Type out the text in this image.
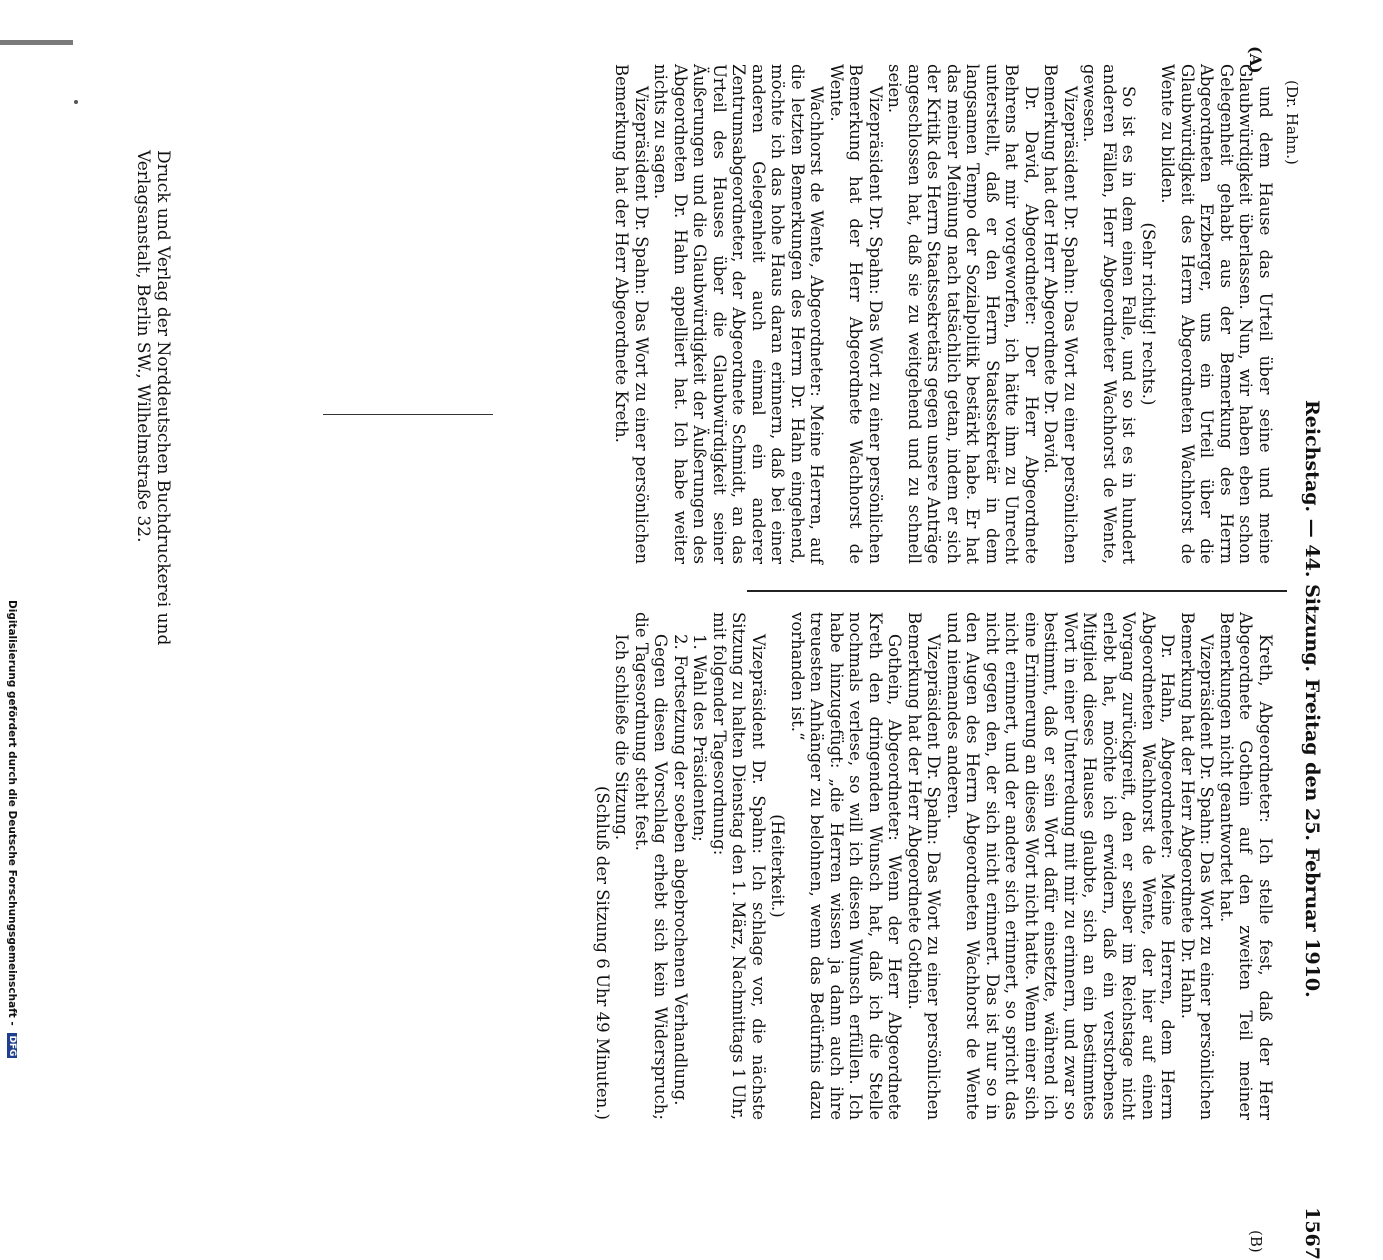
(Dr. Hahn.)
Reichstag. — 44. Sitzung. Freitag den 25. Februar 1910.
1567
(A)
(B)

und dem Hause das Urteil über seine und meine Glaubwürdigkeit überlassen. Nun, wir haben eben schon Gelegenheit gehabt aus der Bemerkung des Herrn Abgeordneten Erzberger, uns ein Urteil über die Glaubwürdigkeit des Herrn Abgeordneten Wachhorst de Wente zu bilden.

(Sehr richtig! rechts.)

So ist es in dem einen Falle, und so ist es in hundert anderen Fällen, Herr Abgeordneter Wachhorst de Wente, gewesen.

Vizepräsident Dr. Spahn: Das Wort zu einer persönlichen Bemerkung hat der Herr Abgeordnete Dr. David.

Dr. David, Abgeordneter: Der Herr Abgeordnete Behrens hat mir vorgeworfen, ich hätte ihm zu Unrecht unterstellt, daß er den Herrn Staatssekretär in dem langsamen Tempo der Sozialpolitik bestärkt habe. Er hat das meiner Meinung nach tatsächlich getan, indem er sich der Kritik des Herrn Staatssekretärs gegen unsere Anträge angeschlossen hat, daß sie zu weitgehend und zu schnell seien.

Vizepräsident Dr. Spahn: Das Wort zu einer persönlichen Bemerkung hat der Herr Abgeordnete Wachhorst de Wente.

Wachhorst de Wente, Abgeordneter: Meine Herren, auf die letzten Bemerkungen des Herrn Dr. Hahn eingehend, möchte ich das hohe Haus daran erinnern, daß bei einer anderen Gelegenheit auch einmal ein anderer Zentrumsabgeordneter, der Abgeordnete Schmidt, an das Urteil des Hauses über die Glaubwürdigkeit seiner Äußerungen und die Glaubwürdigkeit der Äußerungen des Abgeordneten Dr. Hahn appelliert hat. Ich habe weiter nichts zu sagen.

Vizepräsident Dr. Spahn: Das Wort zu einer persönlichen Bemerkung hat der Herr Abgeordnete Kreth.

Kreth, Abgeordneter: Ich stelle fest, daß der Herr Abgeordnete Gothein auf den zweiten Teil meiner Bemerkungen nicht geantwortet hat.

Vizepräsident Dr. Spahn: Das Wort zu einer persönlichen Bemerkung hat der Herr Abgeordnete Dr. Hahn.

Dr. Hahn, Abgeordneter: Meine Herren, dem Herrn Abgeordneten Wachhorst de Wente, der hier auf einen Vorgang zurückgreift, den er selber im Reichstage nicht erlebt hat, möchte ich erwidern, daß ein verstorbenes Mitglied dieses Hauses glaubte, sich an ein bestimmtes Wort in einer Unterredung mit mir zu erinnern, und zwar so bestimmt, daß er sein Wort dafür einsetzte, während ich eine Erinnerung an dieses Wort nicht hatte. Wenn einer sich nicht erinnert, und der andere sich erinnert, so spricht das nicht gegen den, der sich nicht erinnert. Das ist nur so in den Augen des Herrn Abgeordneten Wachhorst de Wente und niemandes anderen.

Vizepräsident Dr. Spahn: Das Wort zu einer persönlichen Bemerkung hat der Herr Abgeordnete Gothein.

Gothein, Abgeordneter: Wenn der Herr Abgeordnete Kreth den dringenden Wunsch hat, daß ich die Stelle nochmals verlese, so will ich diesen Wunsch erfüllen. Ich habe hinzugefügt: „die Herren wissen ja dann auch ihre treuesten Anhänger zu belohnen, wenn das Bedürfnis dazu vorhanden ist.“

(Heiterkeit.)

Vizepräsident Dr. Spahn: Ich schlage vor, die nächste Sitzung zu halten Dienstag den 1. März, Nachmittags 1 Uhr, mit folgender Tagesordnung:

1. Wahl des Präsidenten;

2. Fortsetzung der soeben abgebrochenen Verhandlung.

Gegen diesen Vorschlag erhebt sich kein Widerspruch; die Tagesordnung steht fest.

Ich schließe die Sitzung.

(Schluß der Sitzung 6 Uhr 49 Minuten.)

Druck und Verlag der Norddeutschen Buchdruckerei und Verlagsanstalt, Berlin SW., Wilhelmstraße 32.
Digitalisierung gefördert durch die Deutsche Forschungsgemeinschaft - DFG
